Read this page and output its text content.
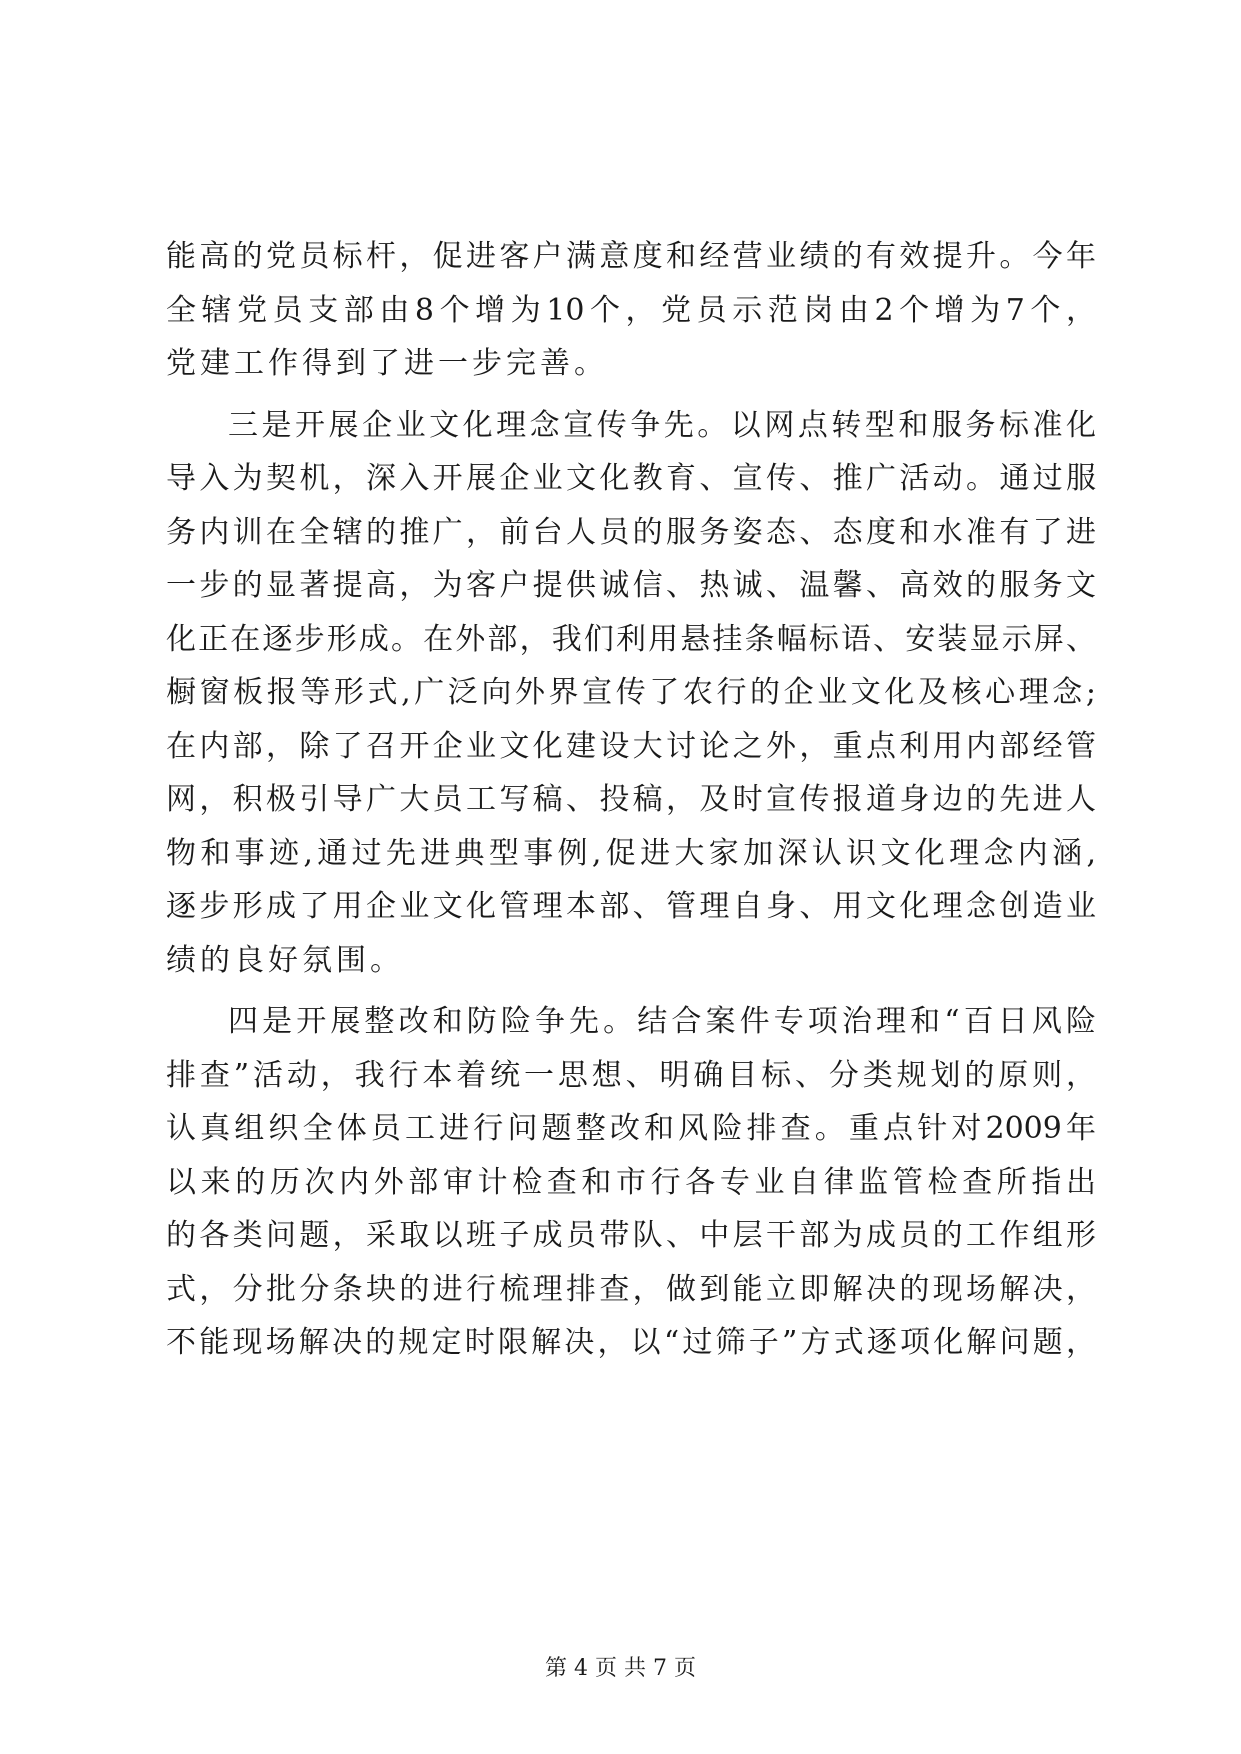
能高的党员标杆，促进客户满意度和经营业绩的有效提升。今年
全辖党员支部由8个增为10个，党员示范岗由2个增为7个，
党建工作得到了进一步完善。
三是开展企业文化理念宣传争先。以网点转型和服务标准化
导入为契机，深入开展企业文化教育、宣传、推广活动。通过服
务内训在全辖的推广，前台人员的服务姿态、态度和水准有了进
一步的显著提高，为客户提供诚信、热诚、温馨、高效的服务文
化正在逐步形成。在外部，我们利用悬挂条幅标语、安装显示屏、
橱窗板报等形式,广泛向外界宣传了农行的企业文化及核心理念;
在内部，除了召开企业文化建设大讨论之外，重点利用内部经管
网，积极引导广大员工写稿、投稿，及时宣传报道身边的先进人
物和事迹,通过先进典型事例,促进大家加深认识文化理念内涵,
逐步形成了用企业文化管理本部、管理自身、用文化理念创造业
绩的良好氛围。
四是开展整改和防险争先。结合案件专项治理和“百日风险
排查”活动，我行本着统一思想、明确目标、分类规划的原则，
认真组织全体员工进行问题整改和风险排查。重点针对2009年
以来的历次内外部审计检查和市行各专业自律监管检查所指出
的各类问题，采取以班子成员带队、中层干部为成员的工作组形
式，分批分条块的进行梳理排查，做到能立即解决的现场解决，
不能现场解决的规定时限解决，以“过筛子”方式逐项化解问题，
第 4 页 共 7 页
